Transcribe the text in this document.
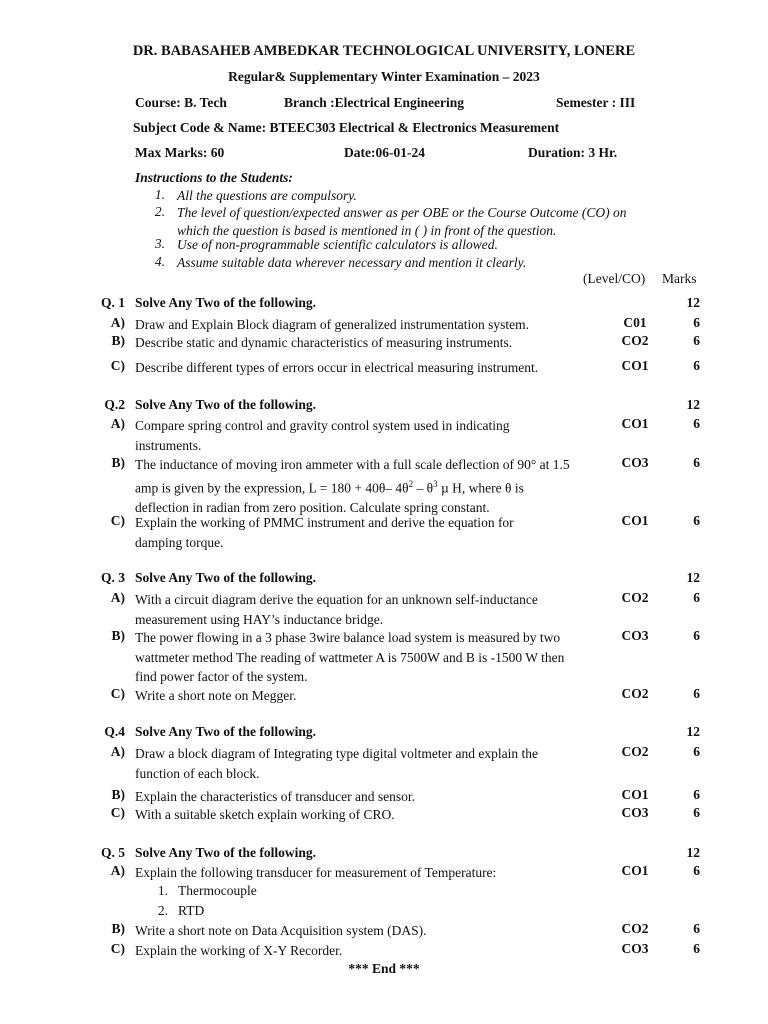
DR. BABASAHEB AMBEDKAR TECHNOLOGICAL UNIVERSITY, LONERE
Regular& Supplementary Winter Examination – 2023
Course: B. Tech	Branch :Electrical Engineering	Semester : III
Subject Code & Name: BTEEC303 Electrical & Electronics Measurement
Max Marks: 60	Date:06-01-24	Duration: 3 Hr.
Instructions to the Students:
1. All the questions are compulsory.
2. The level of question/expected answer as per OBE or the Course Outcome (CO) on which the question is based is mentioned in ( ) in front of the question.
3. Use of non-programmable scientific calculators is allowed.
4. Assume suitable data wherever necessary and mention it clearly.
(Level/CO) Marks
Q. 1 Solve Any Two of the following.	12
A) Draw and Explain Block diagram of generalized instrumentation system.	C01	6
B) Describe static and dynamic characteristics of measuring instruments.	CO2	6
C) Describe different types of errors occur in electrical measuring instrument.	CO1	6
Q.2 Solve Any Two of the following.	12
A) Compare spring control and gravity control system used in indicating instruments.
CO1	6
B) The inductance of moving iron ammeter with a full scale deflection of 90° at 1.5 amp is given by the expression, L = 180 + 40θ– $4\theta^2 - \theta^3$ µ H, where θ is deflection in radian from zero position. Calculate spring constant.
CO3	6
C) Explain the working of PMMC instrument and derive the equation for damping torque.
CO1	6
Q. 3 Solve Any Two of the following.	12
A) With a circuit diagram derive the equation for an unknown self-inductance measurement using HAY’s inductance bridge.
CO2	6
B) The power flowing in a 3 phase 3wire balance load system is measured by two wattmeter method The reading of wattmeter A is 7500W and B is -1500 W then find power factor of the system.
CO3	6
C) Write a short note on Megger.	CO2	6
Q.4 Solve Any Two of the following.	12
A) Draw a block diagram of Integrating type digital voltmeter and explain the function of each block.
CO2	6
B) Explain the characteristics of transducer and sensor.	CO1	6
C) With a suitable sketch explain working of CRO.	CO3	6
Q. 5 Solve Any Two of the following.	12
A) Explain the following transducer for measurement of Temperature:	CO1	6
1. Thermocouple
2. RTD
B) Write a short note on Data Acquisition system (DAS).	CO2	6
C) Explain the working of X-Y Recorder.	CO3	6
*** End ***
